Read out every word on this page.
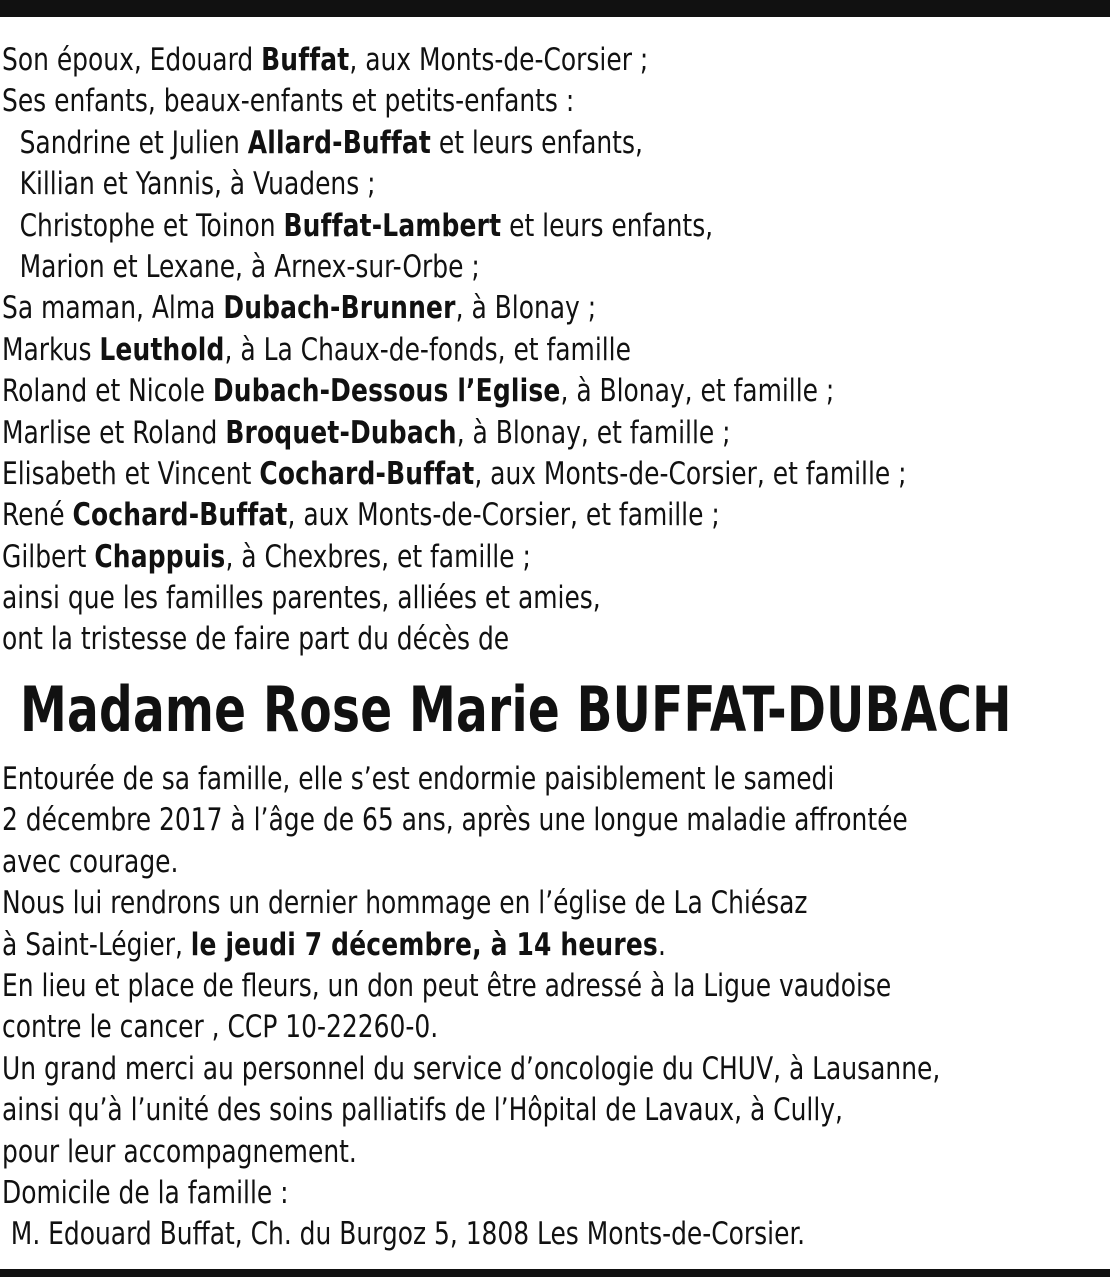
Son époux, Edouard Buffat, aux Monts-de-Corsier ;
Ses enfants, beaux-enfants et petits-enfants :
Sandrine et Julien Allard-Buffat et leurs enfants,
Killian et Yannis, à Vuadens ;
Christophe et Toinon Buffat-Lambert et leurs enfants,
Marion et Lexane, à Arnex-sur-Orbe ;
Sa maman, Alma Dubach-Brunner, à Blonay ;
Markus Leuthold, à La Chaux-de-fonds, et famille
Roland et Nicole Dubach-Dessous l’Eglise, à Blonay, et famille ;
Marlise et Roland Broquet-Dubach, à Blonay, et famille ;
Elisabeth et Vincent Cochard-Buffat, aux Monts-de-Corsier, et famille ;
René Cochard-Buffat, aux Monts-de-Corsier, et famille ;
Gilbert Chappuis, à Chexbres, et famille ;
ainsi que les familles parentes, alliées et amies,
ont la tristesse de faire part du décès de
Madame Rose Marie BUFFAT-DUBACH
Entourée de sa famille, elle s’est endormie paisiblement le samedi
2 décembre 2017 à l’âge de 65 ans, après une longue maladie affrontée
avec courage.
Nous lui rendrons un dernier hommage en l’église de La Chiésaz
à Saint-Légier, le jeudi 7 décembre, à 14 heures.
En lieu et place de fleurs, un don peut être adressé à la Ligue vaudoise
contre le cancer , CCP 10-22260-0.
Un grand merci au personnel du service d’oncologie du CHUV, à Lausanne,
ainsi qu’à l’unité des soins palliatifs de l’Hôpital de Lavaux, à Cully,
pour leur accompagnement.
Domicile de la famille :
M. Edouard Buffat, Ch. du Burgoz 5, 1808 Les Monts-de-Corsier.
